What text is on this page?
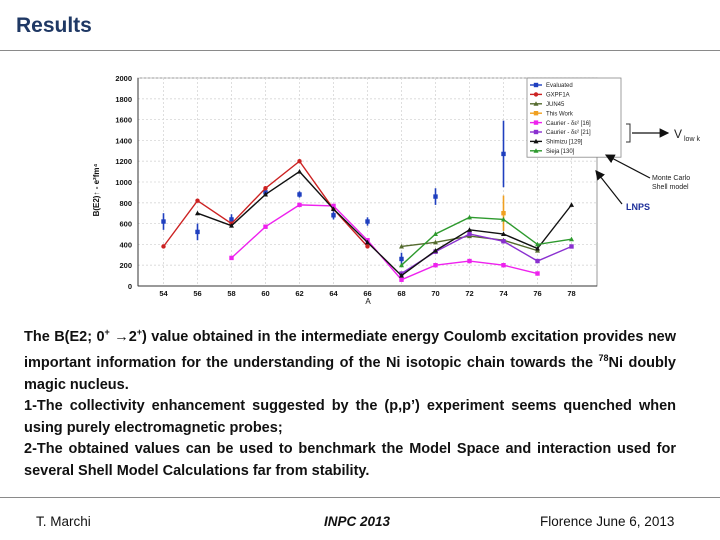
Results
0
200
400
600
800
1000
1200
1400
1600
1800
2000
54	56	58	60	62	64	66	68	70	72	74	76	78
Evaluated
GXPF1A
JUN45
This Work
Caurier - δε² [16]
Caurier - δε² [21]
Shimizu [129]
Sieja [130]
V low k
Monte Carlo
Shell model
LNPS
B(E2)↑ - e²fm⁴
A

The B(E2; 0+ →2+) value obtained in the intermediate energy Coulomb excitation provides new important information for the understanding of the Ni isotopic chain towards the $^{78}$Ni doubly magic nucleus.

1-The collectivity enhancement suggested by the (p,p’) experiment seems quenched when using purely electromagnetic probes;

2-The obtained values can be used to benchmark the Model Space and interaction used for several Shell Model Calculations far from stability.

T. Marchi	INPC 2013	Florence June 6, 2013
